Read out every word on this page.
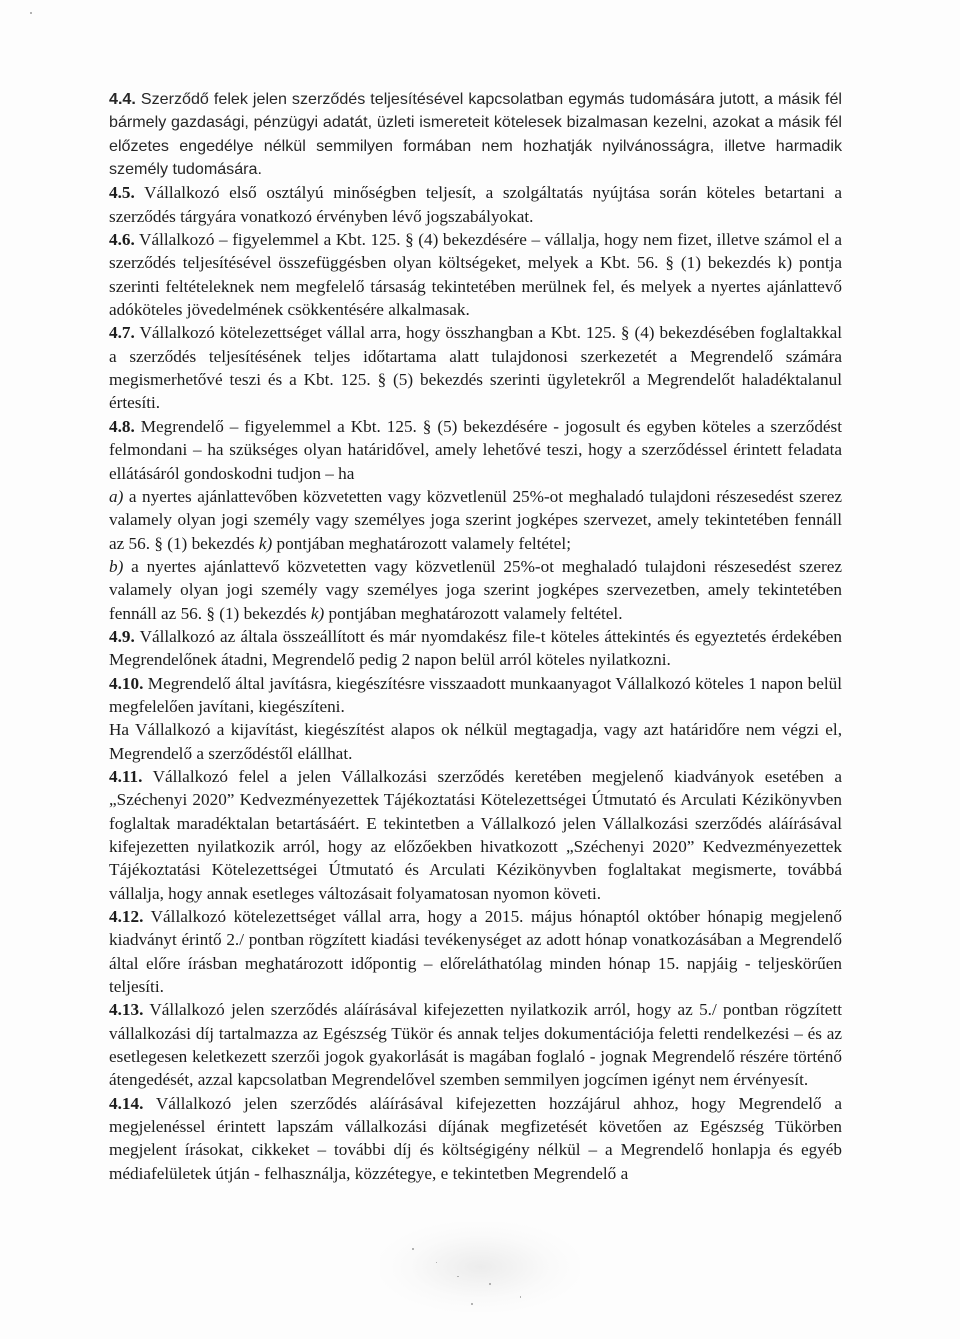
4.4. Szerződő felek jelen szerződés teljesítésével kapcsolatban egymás tudomására jutott, a másik fél bármely gazdasági, pénzügyi adatát, üzleti ismereteit kötelesek bizalmasan kezelni, azokat a másik fél előzetes engedélye nélkül semmilyen formában nem hozhatják nyilvánosságra, illetve harmadik személy tudomására.

4.5. Vállalkozó első osztályú minőségben teljesít, a szolgáltatás nyújtása során köteles betartani a szerződés tárgyára vonatkozó érvényben lévő jogszabályokat.

4.6. Vállalkozó – figyelemmel a Kbt. 125. § (4) bekezdésére – vállalja, hogy nem fizet, illetve számol el a szerződés teljesítésével összefüggésben olyan költségeket, melyek a Kbt. 56. § (1) bekezdés k) pontja szerinti feltételeknek nem megfelelő társaság tekintetében merülnek fel, és melyek a nyertes ajánlattevő adóköteles jövedelmének csökkentésére alkalmasak.

4.7. Vállalkozó kötelezettséget vállal arra, hogy összhangban a Kbt. 125. § (4) bekezdésében foglaltakkal a szerződés teljesítésének teljes időtartama alatt tulajdonosi szerkezetét a Megrendelő számára megismerhetővé teszi és a Kbt. 125. § (5) bekezdés szerinti ügyletekről a Megrendelőt haladéktalanul értesíti.

4.8. Megrendelő – figyelemmel a Kbt. 125. § (5) bekezdésére - jogosult és egyben köteles a szerződést felmondani – ha szükséges olyan határidővel, amely lehetővé teszi, hogy a szerződéssel érintett feladata ellátásáról gondoskodni tudjon – ha

a) a nyertes ajánlattevőben közvetetten vagy közvetlenül 25%-ot meghaladó tulajdoni részesedést szerez valamely olyan jogi személy vagy személyes joga szerint jogképes szervezet, amely tekintetében fennáll az 56. § (1) bekezdés k) pontjában meghatározott valamely feltétel;

b) a nyertes ajánlattevő közvetetten vagy közvetlenül 25%-ot meghaladó tulajdoni részesedést szerez valamely olyan jogi személy vagy személyes joga szerint jogképes szervezetben, amely tekintetében fennáll az 56. § (1) bekezdés k) pontjában meghatározott valamely feltétel.

4.9. Vállalkozó az általa összeállított és már nyomdakész file-t köteles áttekintés és egyeztetés érdekében Megrendelőnek átadni, Megrendelő pedig 2 napon belül arról köteles nyilatkozni.

4.10. Megrendelő által javításra, kiegészítésre visszaadott munkaanyagot Vállalkozó köteles 1 napon belül megfelelően javítani, kiegészíteni.

Ha Vállalkozó a kijavítást, kiegészítést alapos ok nélkül megtagadja, vagy azt határidőre nem végzi el, Megrendelő a szerződéstől elállhat.

4.11. Vállalkozó felel a jelen Vállalkozási szerződés keretében megjelenő kiadványok esetében a „Széchenyi 2020” Kedvezményezettek Tájékoztatási Kötelezettségei Útmutató és Arculati Kézikönyvben foglaltak maradéktalan betartásáért. E tekintetben a Vállalkozó jelen Vállalkozási szerződés aláírásával kifejezetten nyilatkozik arról, hogy az előzőekben hivatkozott „Széchenyi 2020” Kedvezményezettek Tájékoztatási Kötelezettségei Útmutató és Arculati Kézikönyvben foglaltakat megismerte, továbbá vállalja, hogy annak esetleges változásait folyamatosan nyomon követi.

4.12. Vállalkozó kötelezettséget vállal arra, hogy a 2015. május hónaptól október hónapig megjelenő kiadványt érintő 2./ pontban rögzített kiadási tevékenységet az adott hónap vonatkozásában a Megrendelő által előre írásban meghatározott időpontig – előreláthatólag minden hónap 15. napjáig - teljeskörűen teljesíti.

4.13. Vállalkozó jelen szerződés aláírásával kifejezetten nyilatkozik arról, hogy az 5./ pontban rögzített vállalkozási díj tartalmazza az Egészség Tükör és annak teljes dokumentációja feletti rendelkezési – és az esetlegesen keletkezett szerzői jogok gyakorlását is magában foglaló - jognak Megrendelő részére történő átengedését, azzal kapcsolatban Megrendelővel szemben semmilyen jogcímen igényt nem érvényesít.

4.14. Vállalkozó jelen szerződés aláírásával kifejezetten hozzájárul ahhoz, hogy Megrendelő a megjelenéssel érintett lapszám vállalkozási díjának megfizetését követően az Egészség Tükörben megjelent írásokat, cikkeket – további díj és költségigény nélkül – a Megrendelő honlapja és egyéb médiafelületek útján - felhasználja, közzétegye, e tekintetben Megrendelő a
